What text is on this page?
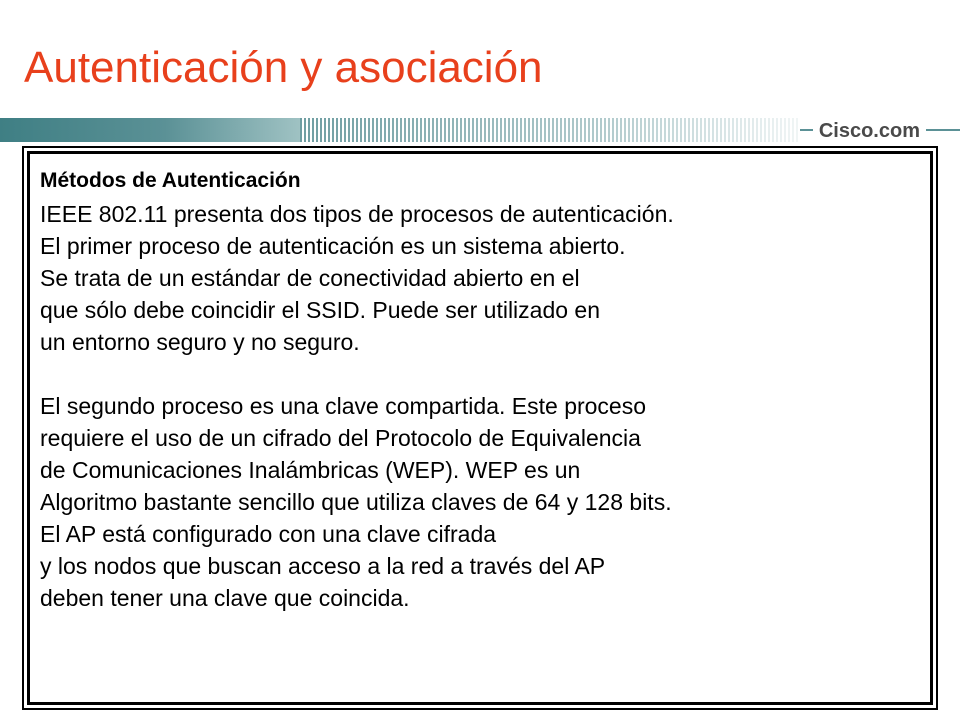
Autenticación y asociación
Cisco.com

Métodos de Autenticación

IEEE 802.11 presenta dos tipos de procesos de autenticación.

El primer proceso de autenticación es un sistema abierto.

Se trata de un estándar de conectividad abierto en el

que sólo debe coincidir el SSID. Puede ser utilizado en

un entorno seguro y no seguro.

El segundo proceso es una clave compartida. Este proceso

requiere el uso de un cifrado del Protocolo de Equivalencia

de Comunicaciones Inalámbricas (WEP). WEP es un

Algoritmo bastante sencillo que utiliza claves de 64 y 128 bits.

El AP está configurado con una clave cifrada

y los nodos que buscan acceso a la red a través del AP

deben tener una clave que coincida.
